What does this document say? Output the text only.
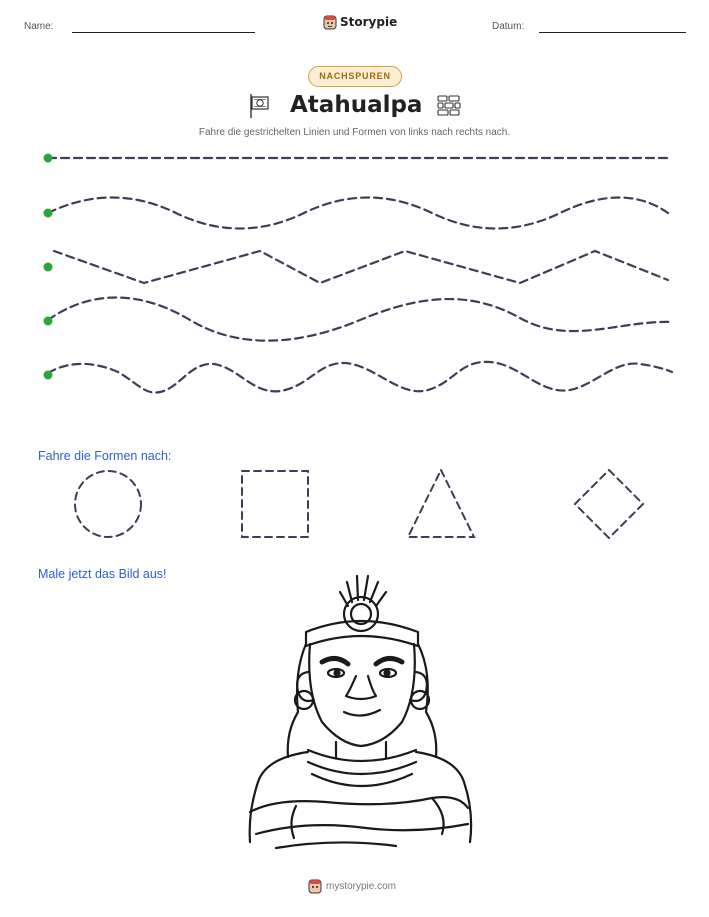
Name:	Storypie	Datum:
NACHSPUREN
Atahualpa
Fahre die gestrichelten Linien und Formen von links nach rechts nach.
Fahre die Formen nach:
Male jetzt das Bild aus!
mystorypie.com
